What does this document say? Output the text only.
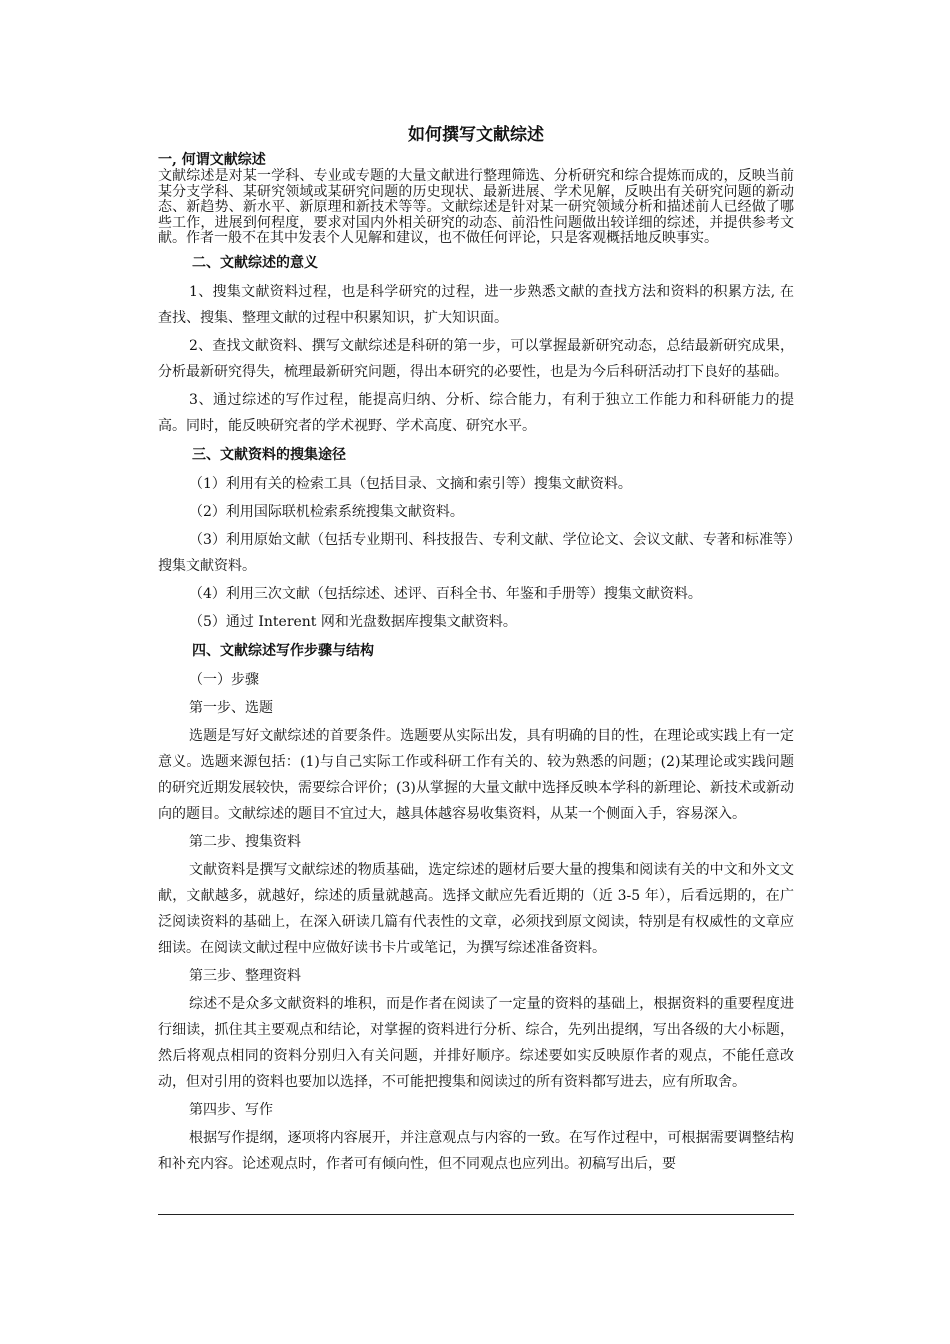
如何撰写文献综述
一, 何谓文献综述
文献综述是对某一学科、专业或专题的大量文献进行整理筛选、分析研究和综合提炼而成的，反映当前某分支学科、某研究领域或某研究问题的历史现状、最新进展、学术见解，反映出有关研究问题的新动态、新趋势、新水平、新原理和新技术等等。文献综述是针对某一研究领域分析和描述前人已经做了哪些工作，进展到何程度，要求对国内外相关研究的动态、前沿性问题做出较详细的综述，并提供参考文献。作者一般不在其中发表个人见解和建议，也不做任何评论，只是客观概括地反映事实。
二、文献综述的意义
1、搜集文献资料过程，也是科学研究的过程，进一步熟悉文献的查找方法和资料的积累方法, 在查找、搜集、整理文献的过程中积累知识，扩大知识面。
2、查找文献资料、撰写文献综述是科研的第一步，可以掌握最新研究动态，总结最新研究成果，分析最新研究得失，梳理最新研究问题，得出本研究的必要性，也是为今后科研活动打下良好的基础。
3、通过综述的写作过程，能提高归纳、分析、综合能力，有利于独立工作能力和科研能力的提高。同时，能反映研究者的学术视野、学术高度、研究水平。
三、文献资料的搜集途径
（1）利用有关的检索工具（包括目录、文摘和索引等）搜集文献资料。
（2）利用国际联机检索系统搜集文献资料。
（3）利用原始文献（包括专业期刊、科技报告、专利文献、学位论文、会议文献、专著和标准等）搜集文献资料。
（4）利用三次文献（包括综述、述评、百科全书、年鉴和手册等）搜集文献资料。
（5）通过 Interent 网和光盘数据库搜集文献资料。
四、文献综述写作步骤与结构
（一）步骤
第一步、选题
选题是写好文献综述的首要条件。选题要从实际出发，具有明确的目的性，在理论或实践上有一定意义。选题来源包括：(1)与自己实际工作或科研工作有关的、较为熟悉的问题；(2)某理论或实践问题的研究近期发展较快，需要综合评价；(3)从掌握的大量文献中选择反映本学科的新理论、新技术或新动向的题目。文献综述的题目不宜过大，越具体越容易收集资料，从某一个侧面入手，容易深入。
第二步、搜集资料
文献资料是撰写文献综述的物质基础，选定综述的题材后要大量的搜集和阅读有关的中文和外文文献，文献越多，就越好，综述的质量就越高。选择文献应先看近期的（近 3-5 年），后看远期的，在广泛阅读资料的基础上，在深入研读几篇有代表性的文章，必须找到原文阅读，特别是有权威性的文章应细读。在阅读文献过程中应做好读书卡片或笔记，为撰写综述准备资料。
第三步、整理资料
综述不是众多文献资料的堆积，而是作者在阅读了一定量的资料的基础上，根据资料的重要程度进行细读，抓住其主要观点和结论，对掌握的资料进行分析、综合，先列出提纲，写出各级的大小标题，然后将观点相同的资料分别归入有关问题，并排好顺序。综述要如实反映原作者的观点，不能任意改动，但对引用的资料也要加以选择，不可能把搜集和阅读过的所有资料都写进去，应有所取舍。
第四步、写作
根据写作提纲，逐项将内容展开，并注意观点与内容的一致。在写作过程中，可根据需要调整结构和补充内容。论述观点时，作者可有倾向性，但不同观点也应列出。初稿写出后，要
